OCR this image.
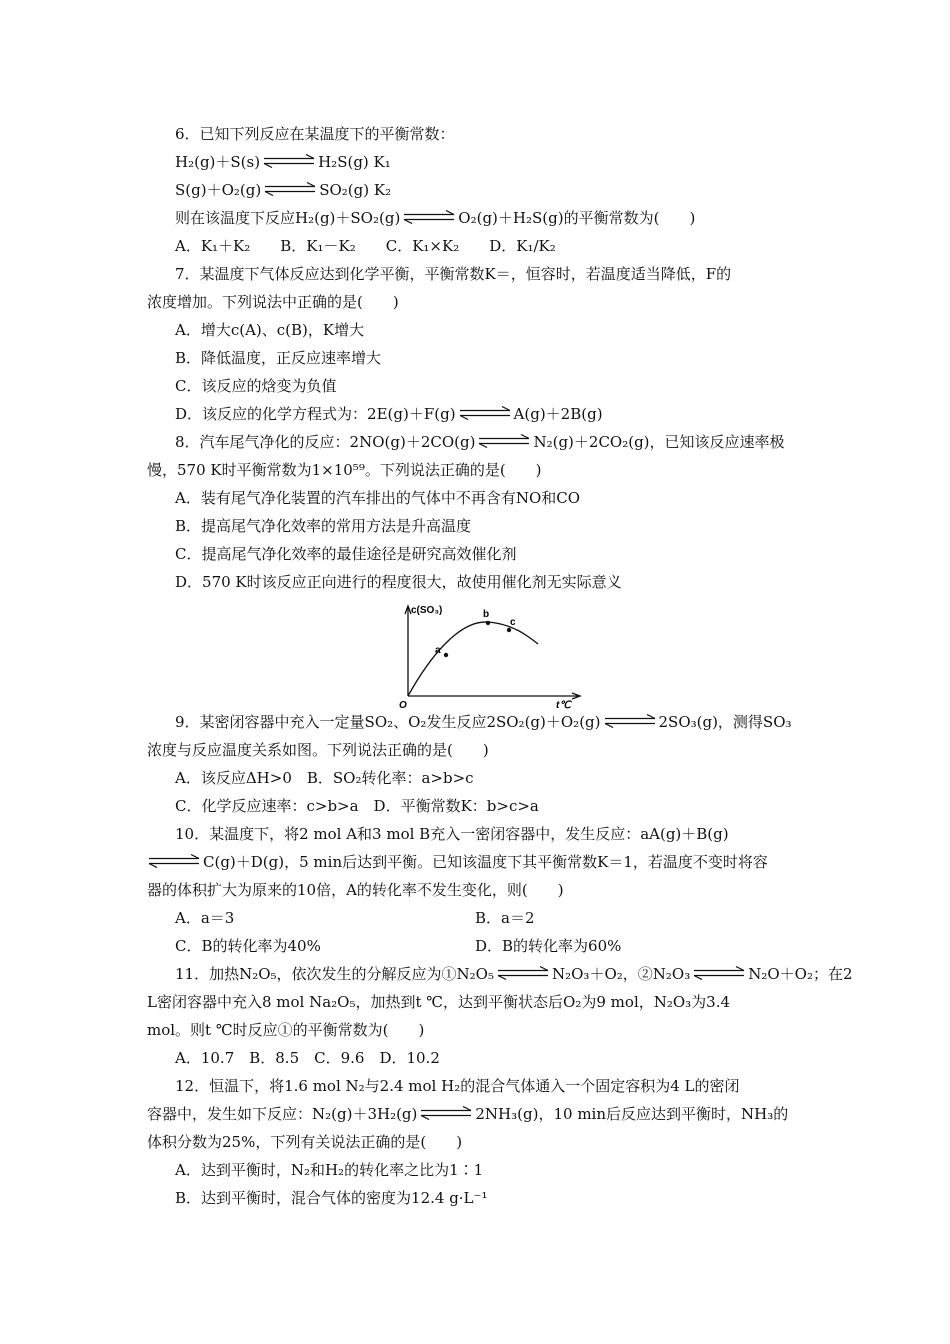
6．已知下列反应在某温度下的平衡常数：
H₂(g)＋S(s) ⇌ H₂S(g) K₁
S(g)＋O₂(g) ⇌ SO₂(g) K₂
则在该温度下反应H₂(g)＋SO₂(g) ⇌ O₂(g)＋H₂S(g)的平衡常数为(　　)
A．K₁＋K₂　　B．K₁－K₂　　C．K₁×K₂　　D．K₁/K₂
7．某温度下气体反应达到化学平衡，平衡常数K＝，恒容时，若温度适当降低，F的
浓度增加。下列说法中正确的是(　　)
A．增大c(A)、c(B)，K增大
B．降低温度，正反应速率增大
C．该反应的焓变为负值
D．该反应的化学方程式为：2E(g)＋F(g) ⇌ A(g)＋2B(g)
8．汽车尾气净化的反应：2NO(g)＋2CO(g) ⇌ N₂(g)＋2CO₂(g)，已知该反应速率极
慢，570 K时平衡常数为1×10⁵⁹。下列说法正确的是(　　)
A．装有尾气净化装置的汽车排出的气体中不再含有NO和CO
B．提高尾气净化效率的常用方法是升高温度
C．提高尾气净化效率的最佳途径是研究高效催化剂
D．570 K时该反应正向进行的程度很大，故使用催化剂无实际意义
a
b
c
c(SO₃)
t℃
O
9．某密闭容器中充入一定量SO₂、O₂发生反应2SO₂(g)＋O₂(g) ⇌ 2SO₃(g)，测得SO₃
浓度与反应温度关系如图。下列说法正确的是(　　)
A．该反应ΔH>0　B．SO₂转化率：a>b>c
C．化学反应速率：c>b>a　D．平衡常数K：b>c>a
10．某温度下，将2 mol A和3 mol B充入一密闭容器中，发生反应：aA(g)＋B(g)
⇌ C(g)＋D(g)，5 min后达到平衡。已知该温度下其平衡常数K＝1，若温度不变时将容
器的体积扩大为原来的10倍，A的转化率不发生变化，则(　　)
A．a＝3	B．a＝2
C．B的转化率为40%	D．B的转化率为60%
11．加热N₂O₅，依次发生的分解反应为①N₂O₅ ⇌ N₂O₃＋O₂，②N₂O₃ ⇌ N₂O＋O₂；在2
L密闭容器中充入8 mol Na₂O₅，加热到t ℃，达到平衡状态后O₂为9 mol，N₂O₃为3.4
mol。则t ℃时反应①的平衡常数为(　　)
A．10.7　B．8.5　C．9.6　D．10.2
12．恒温下，将1.6 mol N₂与2.4 mol H₂的混合气体通入一个固定容积为4 L的密闭
容器中，发生如下反应：N₂(g)＋3H₂(g) ⇌ 2NH₃(g)，10 min后反应达到平衡时，NH₃的
体积分数为25%，下列有关说法正确的是(　　)
A．达到平衡时，N₂和H₂的转化率之比为1∶1
B．达到平衡时，混合气体的密度为12.4 g·L⁻¹
